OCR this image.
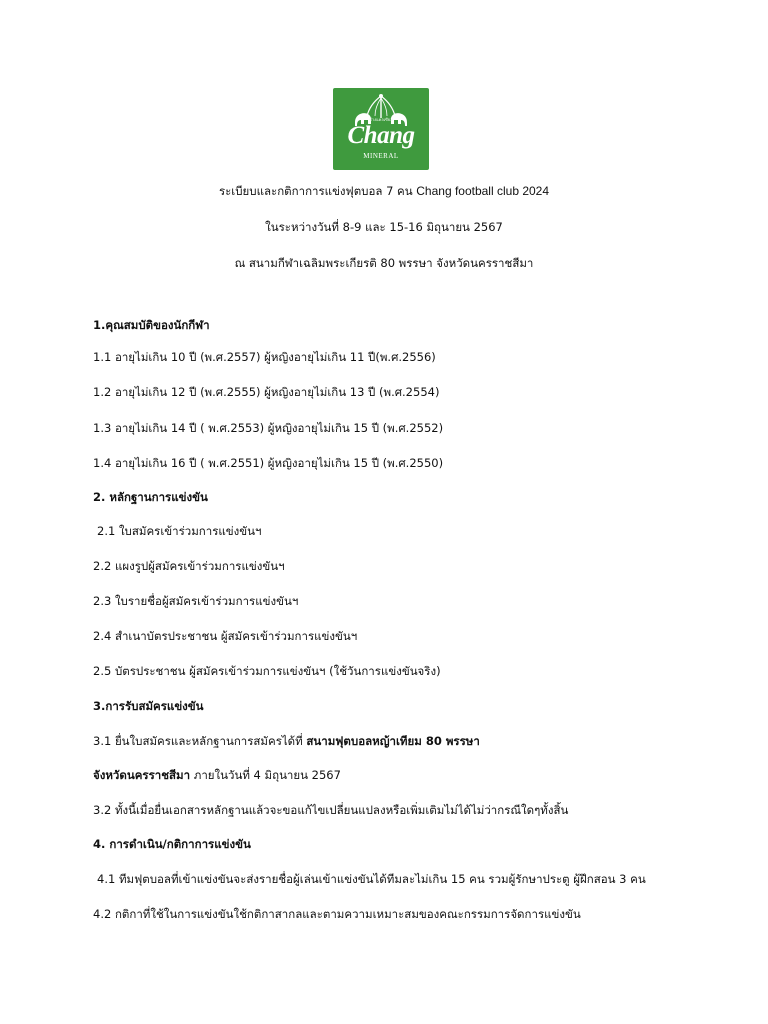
ช้างแคลเซียม
Chang
MINERAL
ระเบียบและกติกาการแข่งฟุตบอล 7 คน Chang football club 2024
ในระหว่างวันที่ 8-9 และ 15-16 มิถุนายน 2567
ณ สนามกีฬาเฉลิมพระเกียรติ 80 พรรษา จังหวัดนครราชสีมา
1.คุณสมบัติของนักกีฬา
1.1 อายุไม่เกิน 10 ปี (พ.ศ.2557) ผู้หญิงอายุไม่เกิน 11 ปี(พ.ศ.2556)
1.2 อายุไม่เกิน 12 ปี (พ.ศ.2555) ผู้หญิงอายุไม่เกิน 13 ปี (พ.ศ.2554)
1.3 อายุไม่เกิน 14 ปี ( พ.ศ.2553) ผู้หญิงอายุไม่เกิน 15 ปี (พ.ศ.2552)
1.4 อายุไม่เกิน 16 ปี ( พ.ศ.2551) ผู้หญิงอายุไม่เกิน 15 ปี (พ.ศ.2550)
2. หลักฐานการแข่งขัน
2.1 ใบสมัครเข้าร่วมการแข่งขันฯ
2.2 แผงรูปผู้สมัครเข้าร่วมการแข่งขันฯ
2.3 ใบรายชื่อผู้สมัครเข้าร่วมการแข่งขันฯ
2.4 สำเนาบัตรประชาชน ผู้สมัครเข้าร่วมการแข่งขันฯ
2.5 บัตรประชาชน ผู้สมัครเข้าร่วมการแข่งขันฯ (ใช้วันการแข่งขันจริง)
3.การรับสมัครแข่งขัน
3.1 ยื่นใบสมัครและหลักฐานการสมัครได้ที่ สนามฟุตบอลหญ้าเทียม 80 พรรษา
จังหวัดนครราชสีมา ภายในวันที่ 4 มิถุนายน 2567
3.2 ทั้งนี้เมื่อยื่นเอกสารหลักฐานแล้วจะขอแก้ไขเปลี่ยนแปลงหรือเพิ่มเติมไม่ได้ไม่ว่ากรณีใดๆทั้งสิ้น
4. การดำเนิน/กติกาการแข่งขัน
4.1 ทีมฟุตบอลที่เข้าแข่งขันจะส่งรายชื่อผู้เล่นเข้าแข่งขันได้ทีมละไม่เกิน 15 คน รวมผู้รักษาประตู ผู้ฝึกสอน 3 คน
4.2 กติกาที่ใช้ในการแข่งขันใช้กติกาสากลและตามความเหมาะสมของคณะกรรมการจัดการแข่งขัน
